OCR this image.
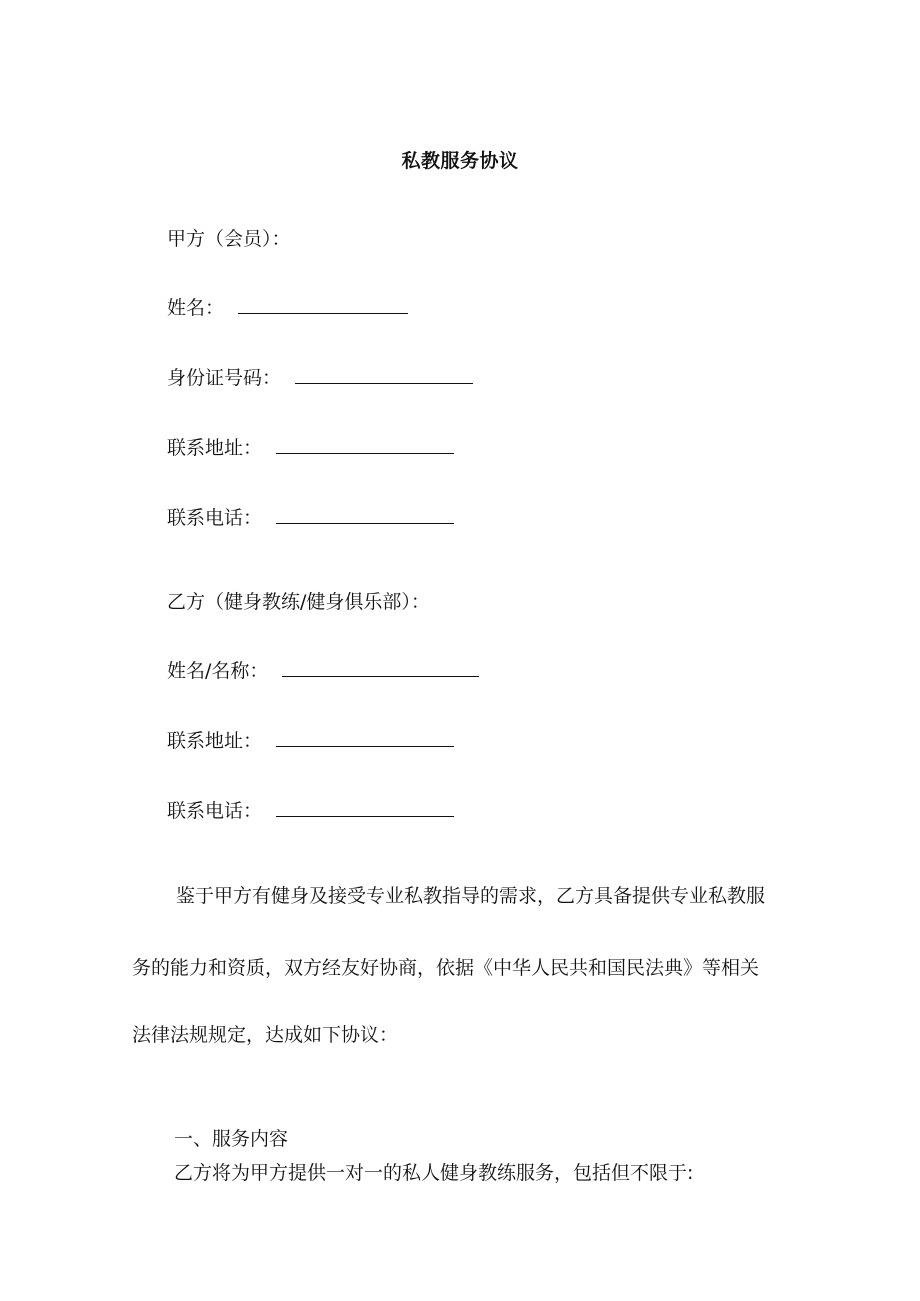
私教服务协议
甲方（会员）：
姓名：
身份证号码：
联系地址：
联系电话：
乙方（健身教练/健身俱乐部）：
姓名/名称：
联系地址：
联系电话：
鉴于甲方有健身及接受专业私教指导的需求，乙方具备提供专业私教服
务的能力和资质，双方经友好协商，依据《中华人民共和国民法典》等相关
法律法规规定，达成如下协议：
一、服务内容
乙方将为甲方提供一对一的私人健身教练服务，包括但不限于:
